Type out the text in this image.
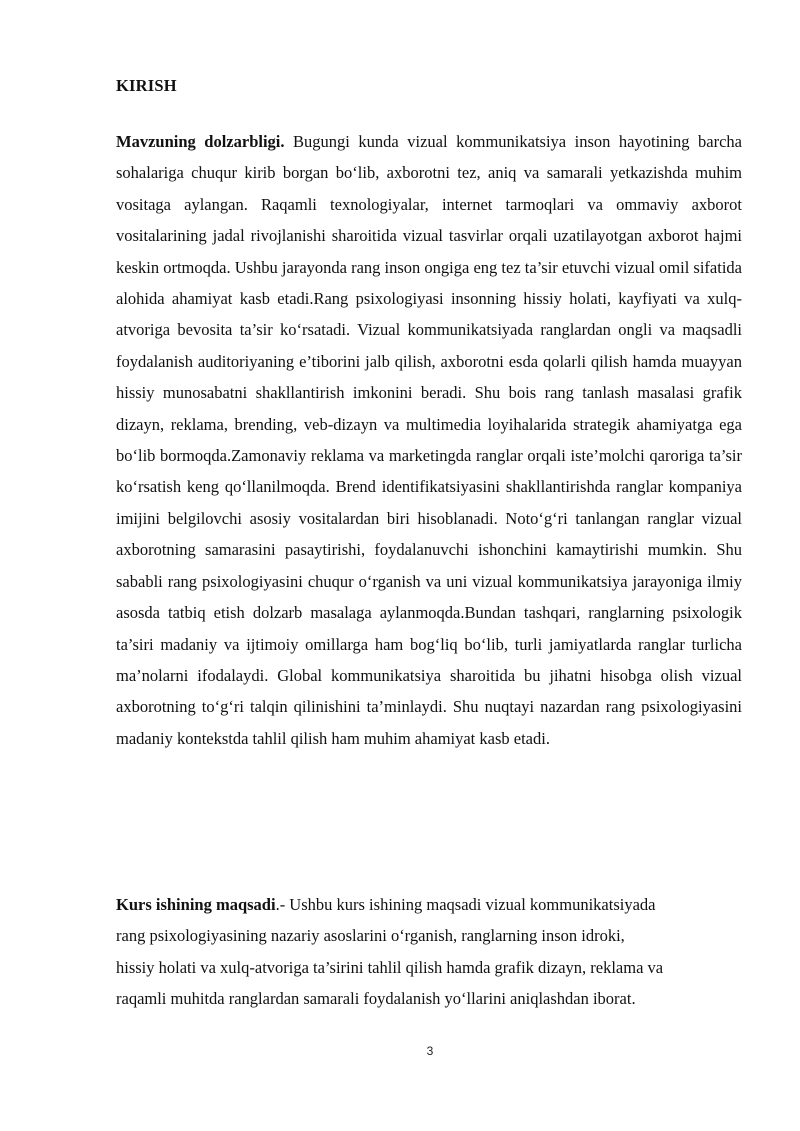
KIRISH

Mavzuning dolzarbligi. Bugungi kunda vizual kommunikatsiya inson hayotining barcha sohalariga chuqur kirib borgan bo‘lib, axborotni tez, aniq va samarali yetkazishda muhim vositaga aylangan. Raqamli texnologiyalar, internet tarmoqlari va ommaviy axborot vositalarining jadal rivojlanishi sharoitida vizual tasvirlar orqali uzatilayotgan axborot hajmi keskin ortmoqda. Ushbu jarayonda rang inson ongiga eng tez ta’sir etuvchi vizual omil sifatida alohida ahamiyat kasb etadi.Rang psixologiyasi insonning hissiy holati, kayfiyati va xulq-atvoriga bevosita ta’sir ko‘rsatadi. Vizual kommunikatsiyada ranglardan ongli va maqsadli foydalanish auditoriyaning e’tiborini jalb qilish, axborotni esda qolarli qilish hamda muayyan hissiy munosabatni shakllantirish imkonini beradi. Shu bois rang tanlash masalasi grafik dizayn, reklama, brending, veb-dizayn va multimedia loyihalarida strategik ahamiyatga ega bo‘lib bormoqda.Zamonaviy reklama va marketingda ranglar orqali iste’molchi qaroriga ta’sir ko‘rsatish keng qo‘llanilmoqda. Brend identifikatsiyasini shakllantirishda ranglar kompaniya imijini belgilovchi asosiy vositalardan biri hisoblanadi. Noto‘g‘ri tanlangan ranglar vizual axborotning samarasini pasaytirishi, foydalanuvchi ishonchini kamaytirishi mumkin. Shu sababli rang psixologiyasini chuqur o‘rganish va uni vizual kommunikatsiya jarayoniga ilmiy asosda tatbiq etish dolzarb masalaga aylanmoqda.Bundan tashqari, ranglarning psixologik ta’siri madaniy va ijtimoiy omillarga ham bog‘liq bo‘lib, turli jamiyatlarda ranglar turlicha ma’nolarni ifodalaydi. Global kommunikatsiya sharoitida bu jihatni hisobga olish vizual axborotning to‘g‘ri talqin qilinishini ta’minlaydi. Shu nuqtayi nazardan rang psixologiyasini madaniy kontekstda tahlil qilish ham muhim ahamiyat kasb etadi.

Kurs ishining maqsadi.- Ushbu kurs ishining maqsadi vizual kommunikatsiyada
rang psixologiyasining nazariy asoslarini o‘rganish, ranglarning inson idroki,
hissiy holati va xulq-atvoriga ta’sirini tahlil qilish hamda grafik dizayn, reklama va
raqamli muhitda ranglardan samarali foydalanish yo‘llarini aniqlashdan iborat.

3
